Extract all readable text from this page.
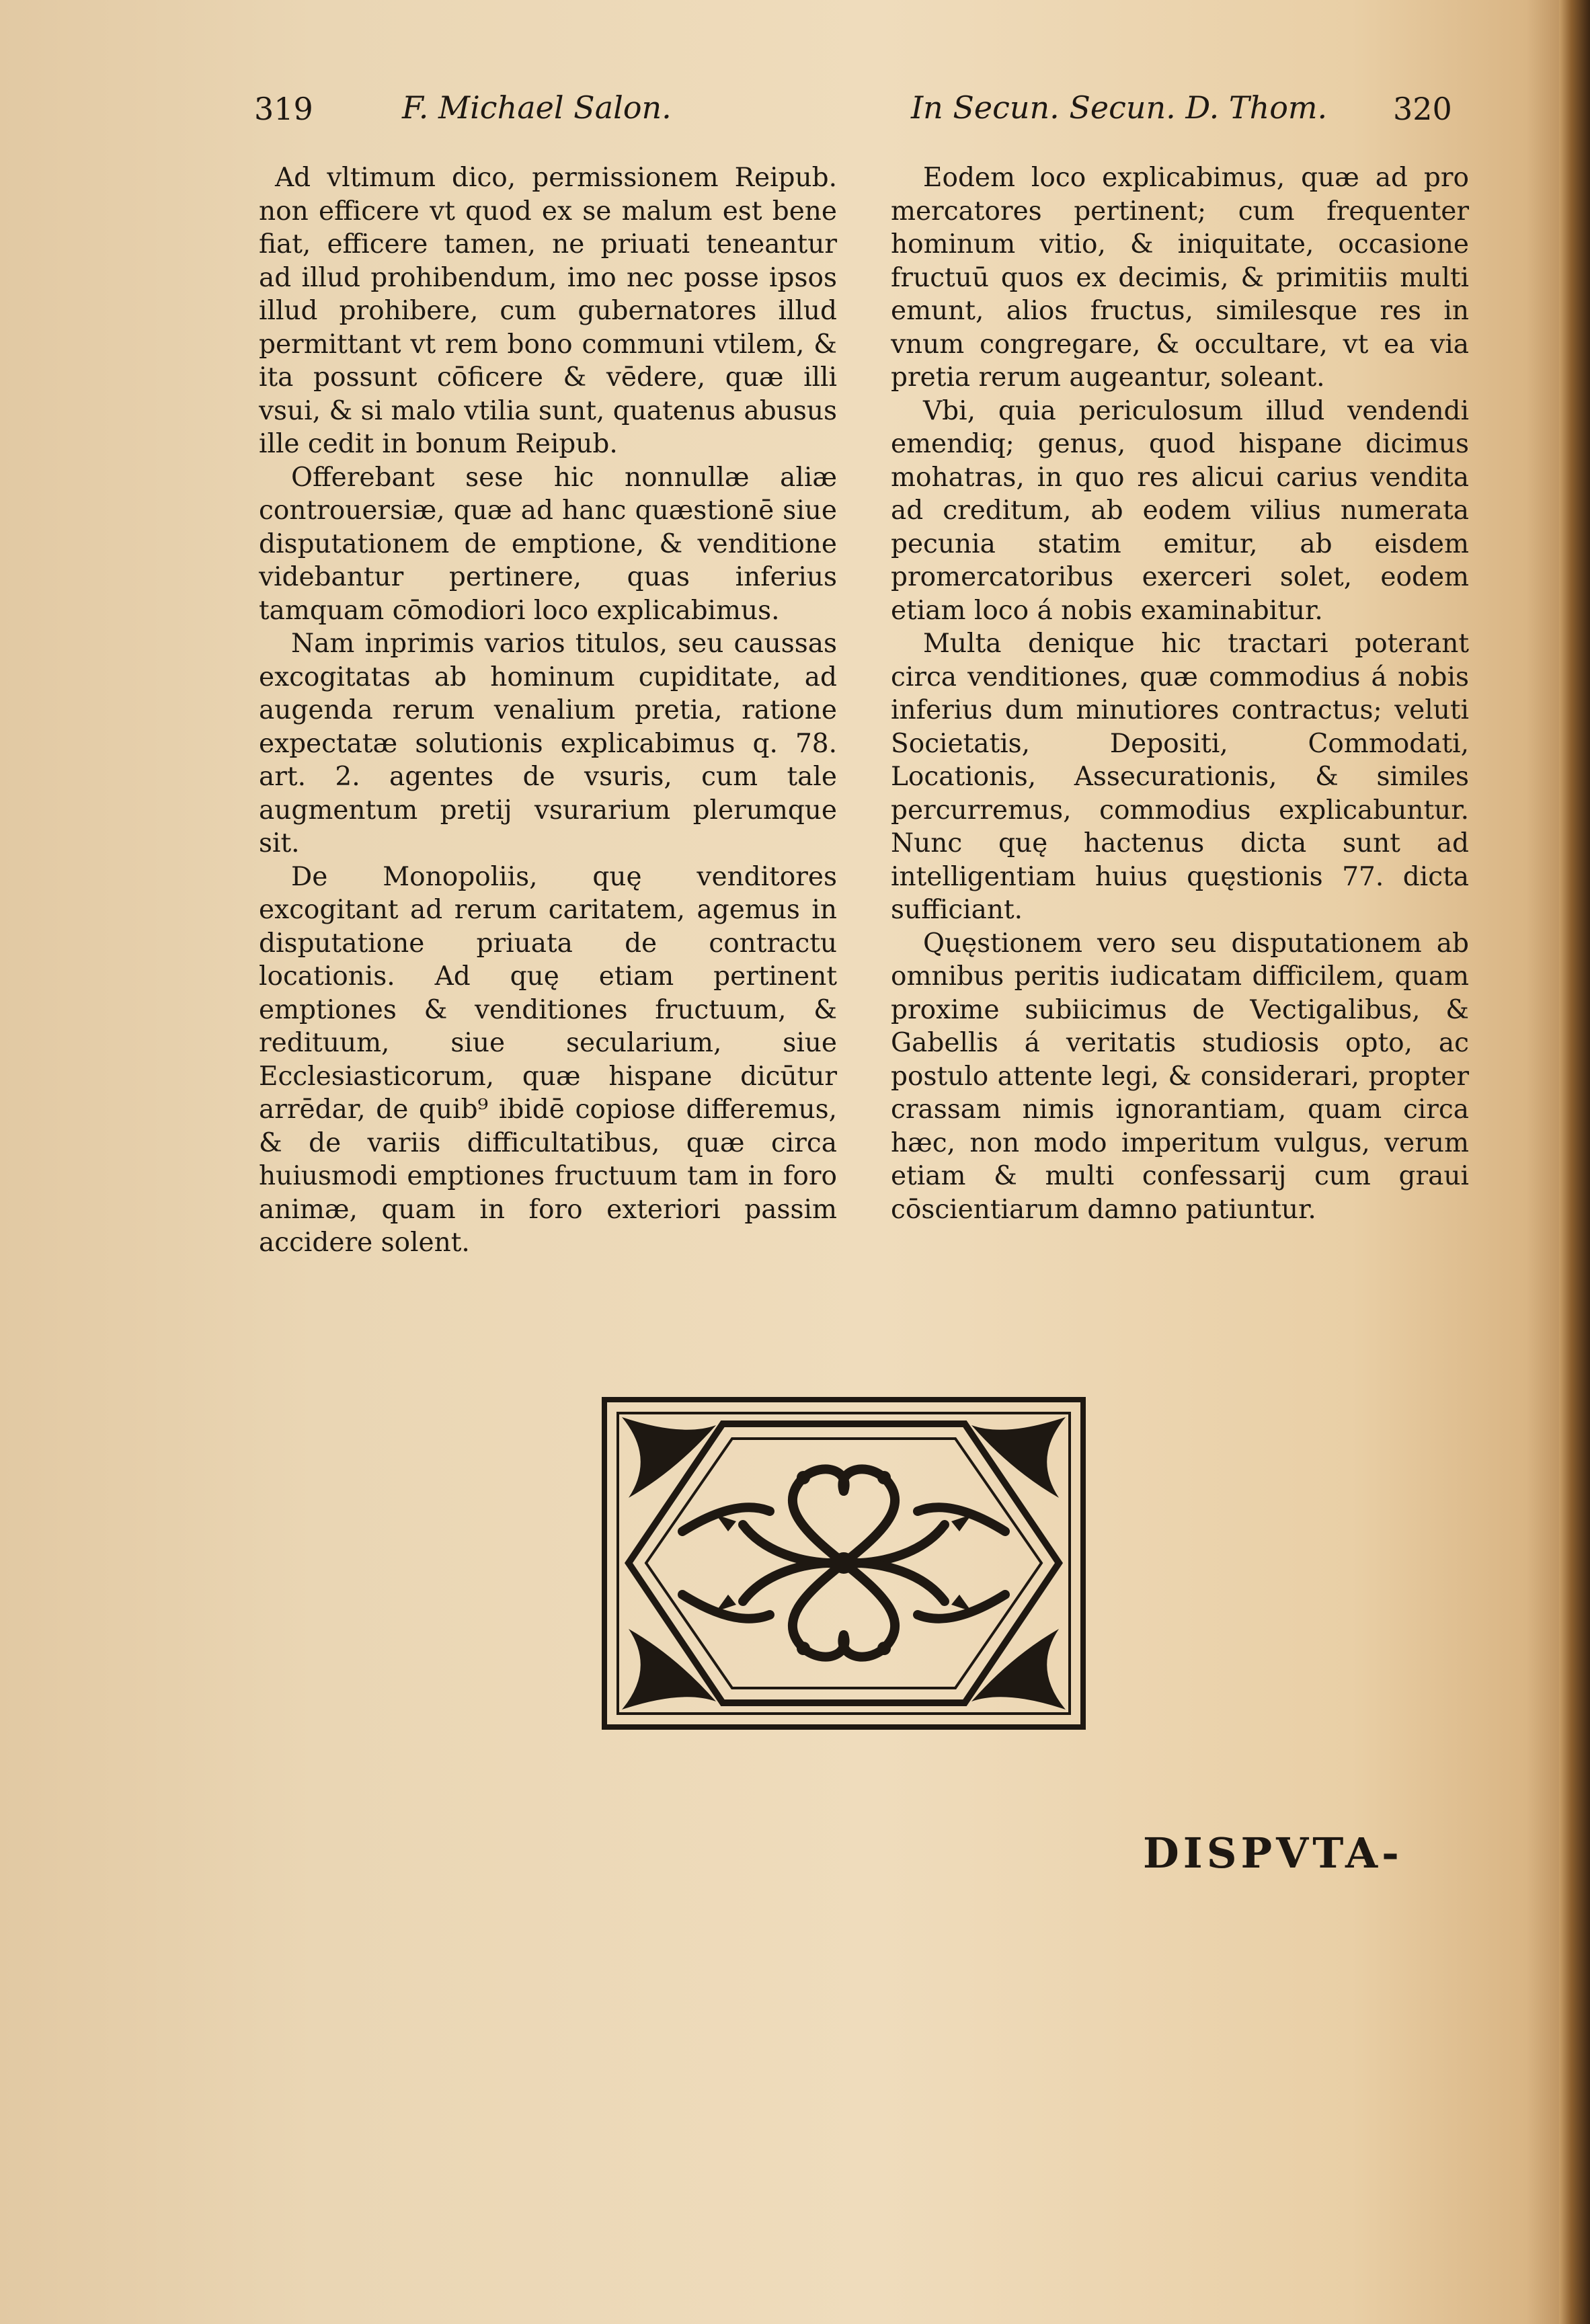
319	F. Michael Salon.	In Secun. Secun. D. Thom. 320

Ad vltimum dico, permissionem Reipub. non efficere vt quod ex se malum est bene fiat, efficere tamen, ne priuati teneantur ad illud prohibendum, imo nec posse ipsos illud prohibere, cum gubernatores illud permittant vt rem bono communi vtilem, & ita possunt cōficere & vēdere, quæ illi vsui, & si malo vtilia sunt, quatenus abusus ille cedit in bonum Reipub.

Offerebant sese hic nonnullæ aliæ controuersiæ, quæ ad hanc quæstionē siue disputationem de emptione, & venditione videbantur pertinere, quas inferius tamquam cōmodiori loco explicabimus.

Nam inprimis varios titulos, seu caussas excogitatas ab hominum cupiditate, ad augenda rerum venalium pretia, ratione expectatæ solutionis explicabimus q. 78. art. 2. agentes de vsuris, cum tale augmentum pretij vsurarium plerumque sit.

De Monopoliis, quę venditores excogitant ad rerum caritatem, agemus in disputatione priuata de contractu locationis. Ad quę etiam pertinent emptiones & venditiones fructuum, & redituum, siue secularium, siue Ecclesiasticorum, quæ hispane dicūtur arrēdar, de quib⁹ ibidē copiose differemus, & de variis difficultatibus, quæ circa huiusmodi emptiones fructuum tam in foro animæ, quam in foro exteriori passim accidere solent.

Eodem loco explicabimus, quæ ad pro mercatores pertinent; cum frequenter hominum vitio, & iniquitate, occasione fructuū quos ex decimis, & primitiis multi emunt, alios fructus, similesque res in vnum congregare, & occultare, vt ea via pretia rerum augeantur, soleant.

Vbi, quia periculosum illud vendendi emendiq; genus, quod hispane dicimus mohatras, in quo res alicui carius vendita ad creditum, ab eodem vilius numerata pecunia statim emitur, ab eisdem promercatoribus exerceri solet, eodem etiam loco á nobis examinabitur.

Multa denique hic tractari poterant circa venditiones, quæ commodius á nobis inferius dum minutiores contractus; veluti Societatis, Depositi, Commodati, Locationis, Assecurationis, & similes percurremus, commodius explicabuntur. Nunc quę hactenus dicta sunt ad intelligentiam huius quęstionis 77. dicta sufficiant.

Quęstionem vero seu disputationem ab omnibus peritis iudicatam difficilem, quam proxime subiicimus de Vectigalibus, & Gabellis á veritatis studiosis opto, ac postulo attente legi, & considerari, propter crassam nimis ignorantiam, quam circa hæc, non modo imperitum vulgus, verum etiam & multi confessarij cum graui cōscientiarum damno patiuntur.

DISPVTA-
